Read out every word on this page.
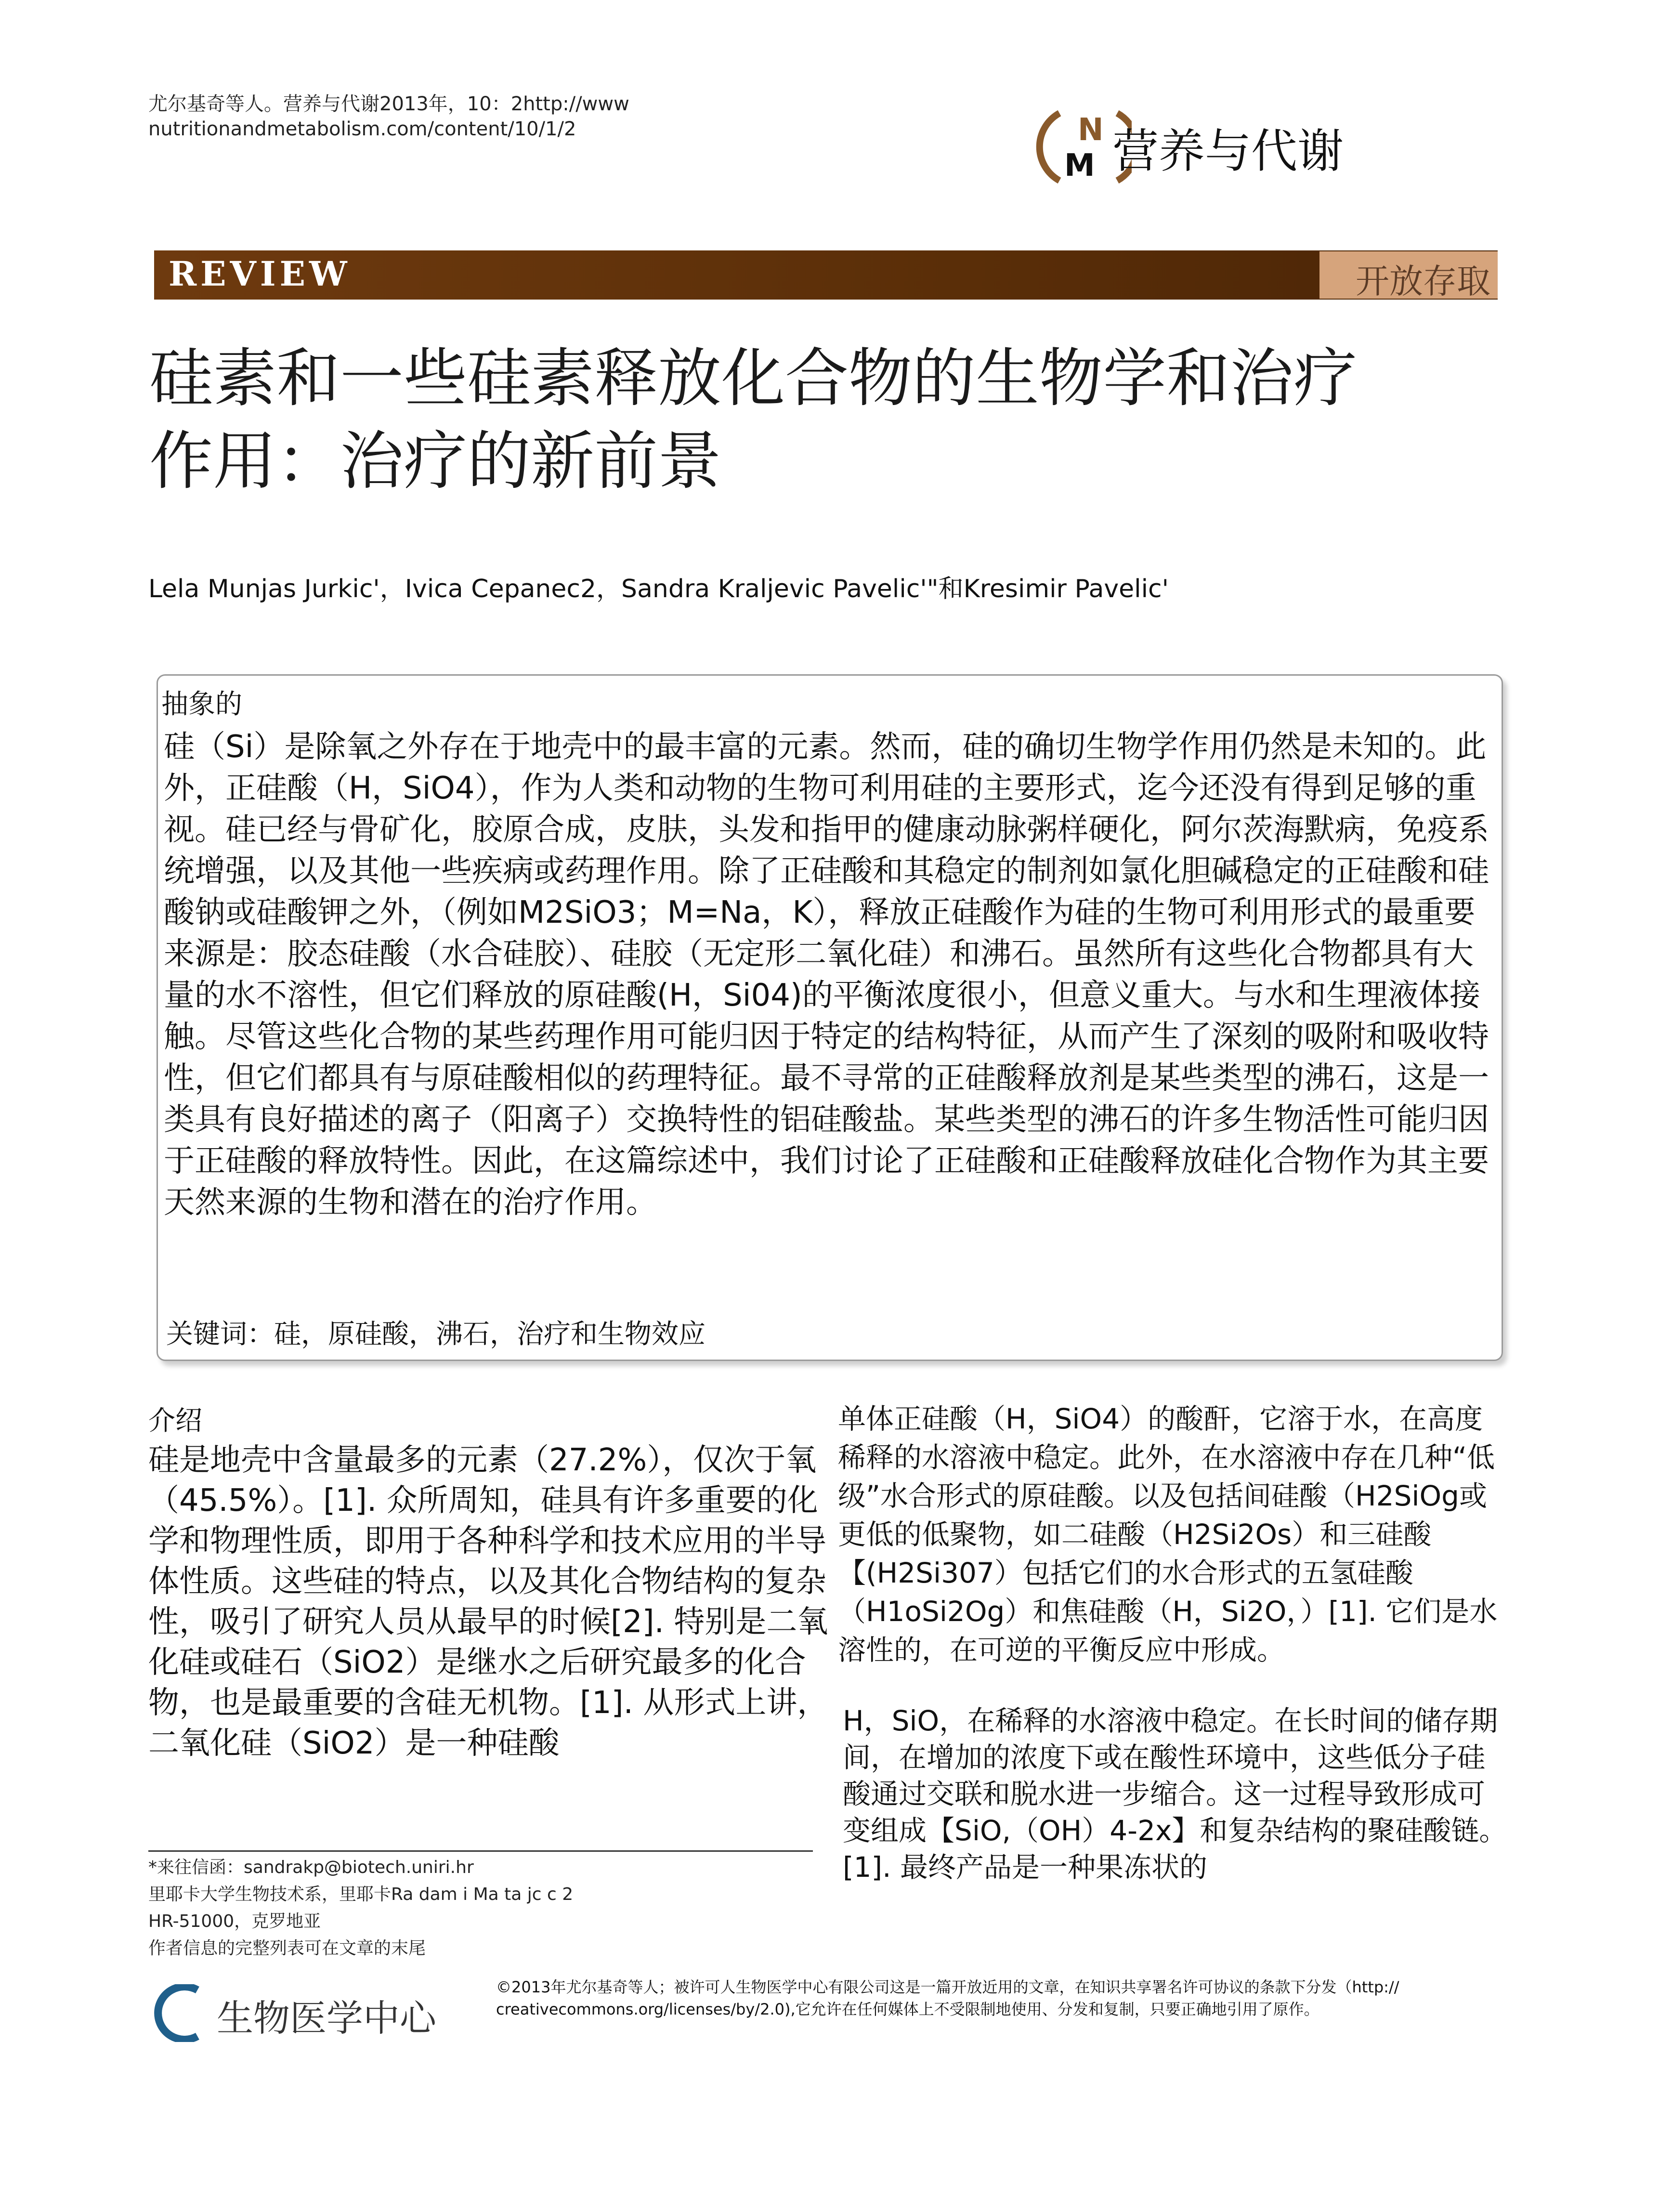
尤尔基奇等人。营养与代谢2013年，10：2http://www
nutritionandmetabolism.com/content/10/1/2	N
M 营养与代谢
REVIEW	开放存取
硅素和一些硅素释放化合物的生物学和治疗
作用：治疗的新前景
Lela Munjas Jurkic'，Ivica Cepanec2，Sandra Kraljevic Pavelic'"和Kresimir Pavelic'
抽象的

硅（Si）是除氧之外存在于地壳中的最丰富的元素。然而，硅的确切生物学作用仍然是未知的。此外，正硅酸（H，SiO4），作为人类和动物的生物可利用硅的主要形式，迄今还没有得到足够的重视。硅已经与骨矿化，胶原合成，皮肤，头发和指甲的健康动脉粥样硬化，阿尔茨海默病，免疫系统增强，以及其他一些疾病或药理作用。除了正硅酸和其稳定的制剂如氯化胆碱稳定的正硅酸和硅酸钠或硅酸钾之外，（例如M2SiO3；M=Na，K），释放正硅酸作为硅的生物可利用形式的最重要来源是：胶态硅酸（水合硅胶）、硅胶（无定形二氧化硅）和沸石。虽然所有这些化合物都具有大量的水不溶性，但它们释放的原硅酸(H，Si04)的平衡浓度很小，但意义重大。与水和生理液体接触。尽管这些化合物的某些药理作用可能归因于特定的结构特征，从而产生了深刻的吸附和吸收特性，但它们都具有与原硅酸相似的药理特征。最不寻常的正硅酸释放剂是某些类型的沸石，这是一类具有良好描述的离子（阳离子）交换特性的铝硅酸盐。某些类型的沸石的许多生物活性可能归因于正硅酸的释放特性。因此，在这篇综述中，我们讨论了正硅酸和正硅酸释放硅化合物作为其主要天然来源的生物和潜在的治疗作用。

关键词：硅，原硅酸，沸石，治疗和生物效应
介绍

硅是地壳中含量最多的元素（27.2%），仅次于氧（45.5%）。[1]. 众所周知，硅具有许多重要的化学和物理性质，即用于各种科学和技术应用的半导体性质。这些硅的特点，以及其化合物结构的复杂性，吸引了研究人员从最早的时候[2]. 特别是二氧化硅或硅石（SiO2）是继水之后研究最多的化合物，也是最重要的含硅无机物。[1]. 从形式上讲，二氧化硅（SiO2）是一种硅酸

单体正硅酸（H，SiO4）的酸酐，它溶于水，在高度稀释的水溶液中稳定。此外，在水溶液中存在几种“低级”水合形式的原硅酸。以及包括间硅酸（H2SiOg或更低的低聚物，如二硅酸（H2Si2Os）和三硅酸【(H2Si307）包括它们的水合形式的五氢硅酸（H1oSi2Og）和焦硅酸（H，Si2O，）[1]. 它们是水溶性的，在可逆的平衡反应中形成。

H，SiO，在稀释的水溶液中稳定。在长时间的储存期间，在增加的浓度下或在酸性环境中，这些低分子硅酸通过交联和脱水进一步缩合。这一过程导致形成可变组成【SiO,（OH）4-2x】和复杂结构的聚硅酸链。[1]. 最终产品是一种果冻状的

*来往信函：sandrakp@biotech.uniri.hr
里耶卡大学生物技术系，里耶卡Ra dam i Ma ta jc c 2
HR-51000，克罗地亚
作者信息的完整列表可在文章的末尾
生物医学中心
©2013年尤尔基奇等人；被许可人生物医学中心有限公司这是一篇开放近用的文章，在知识共享署名许可协议的条款下分发（http://
creativecommons.org/licenses/by/2.0),它允许在任何媒体上不受限制地使用、分发和复制，只要正确地引用了原作。
